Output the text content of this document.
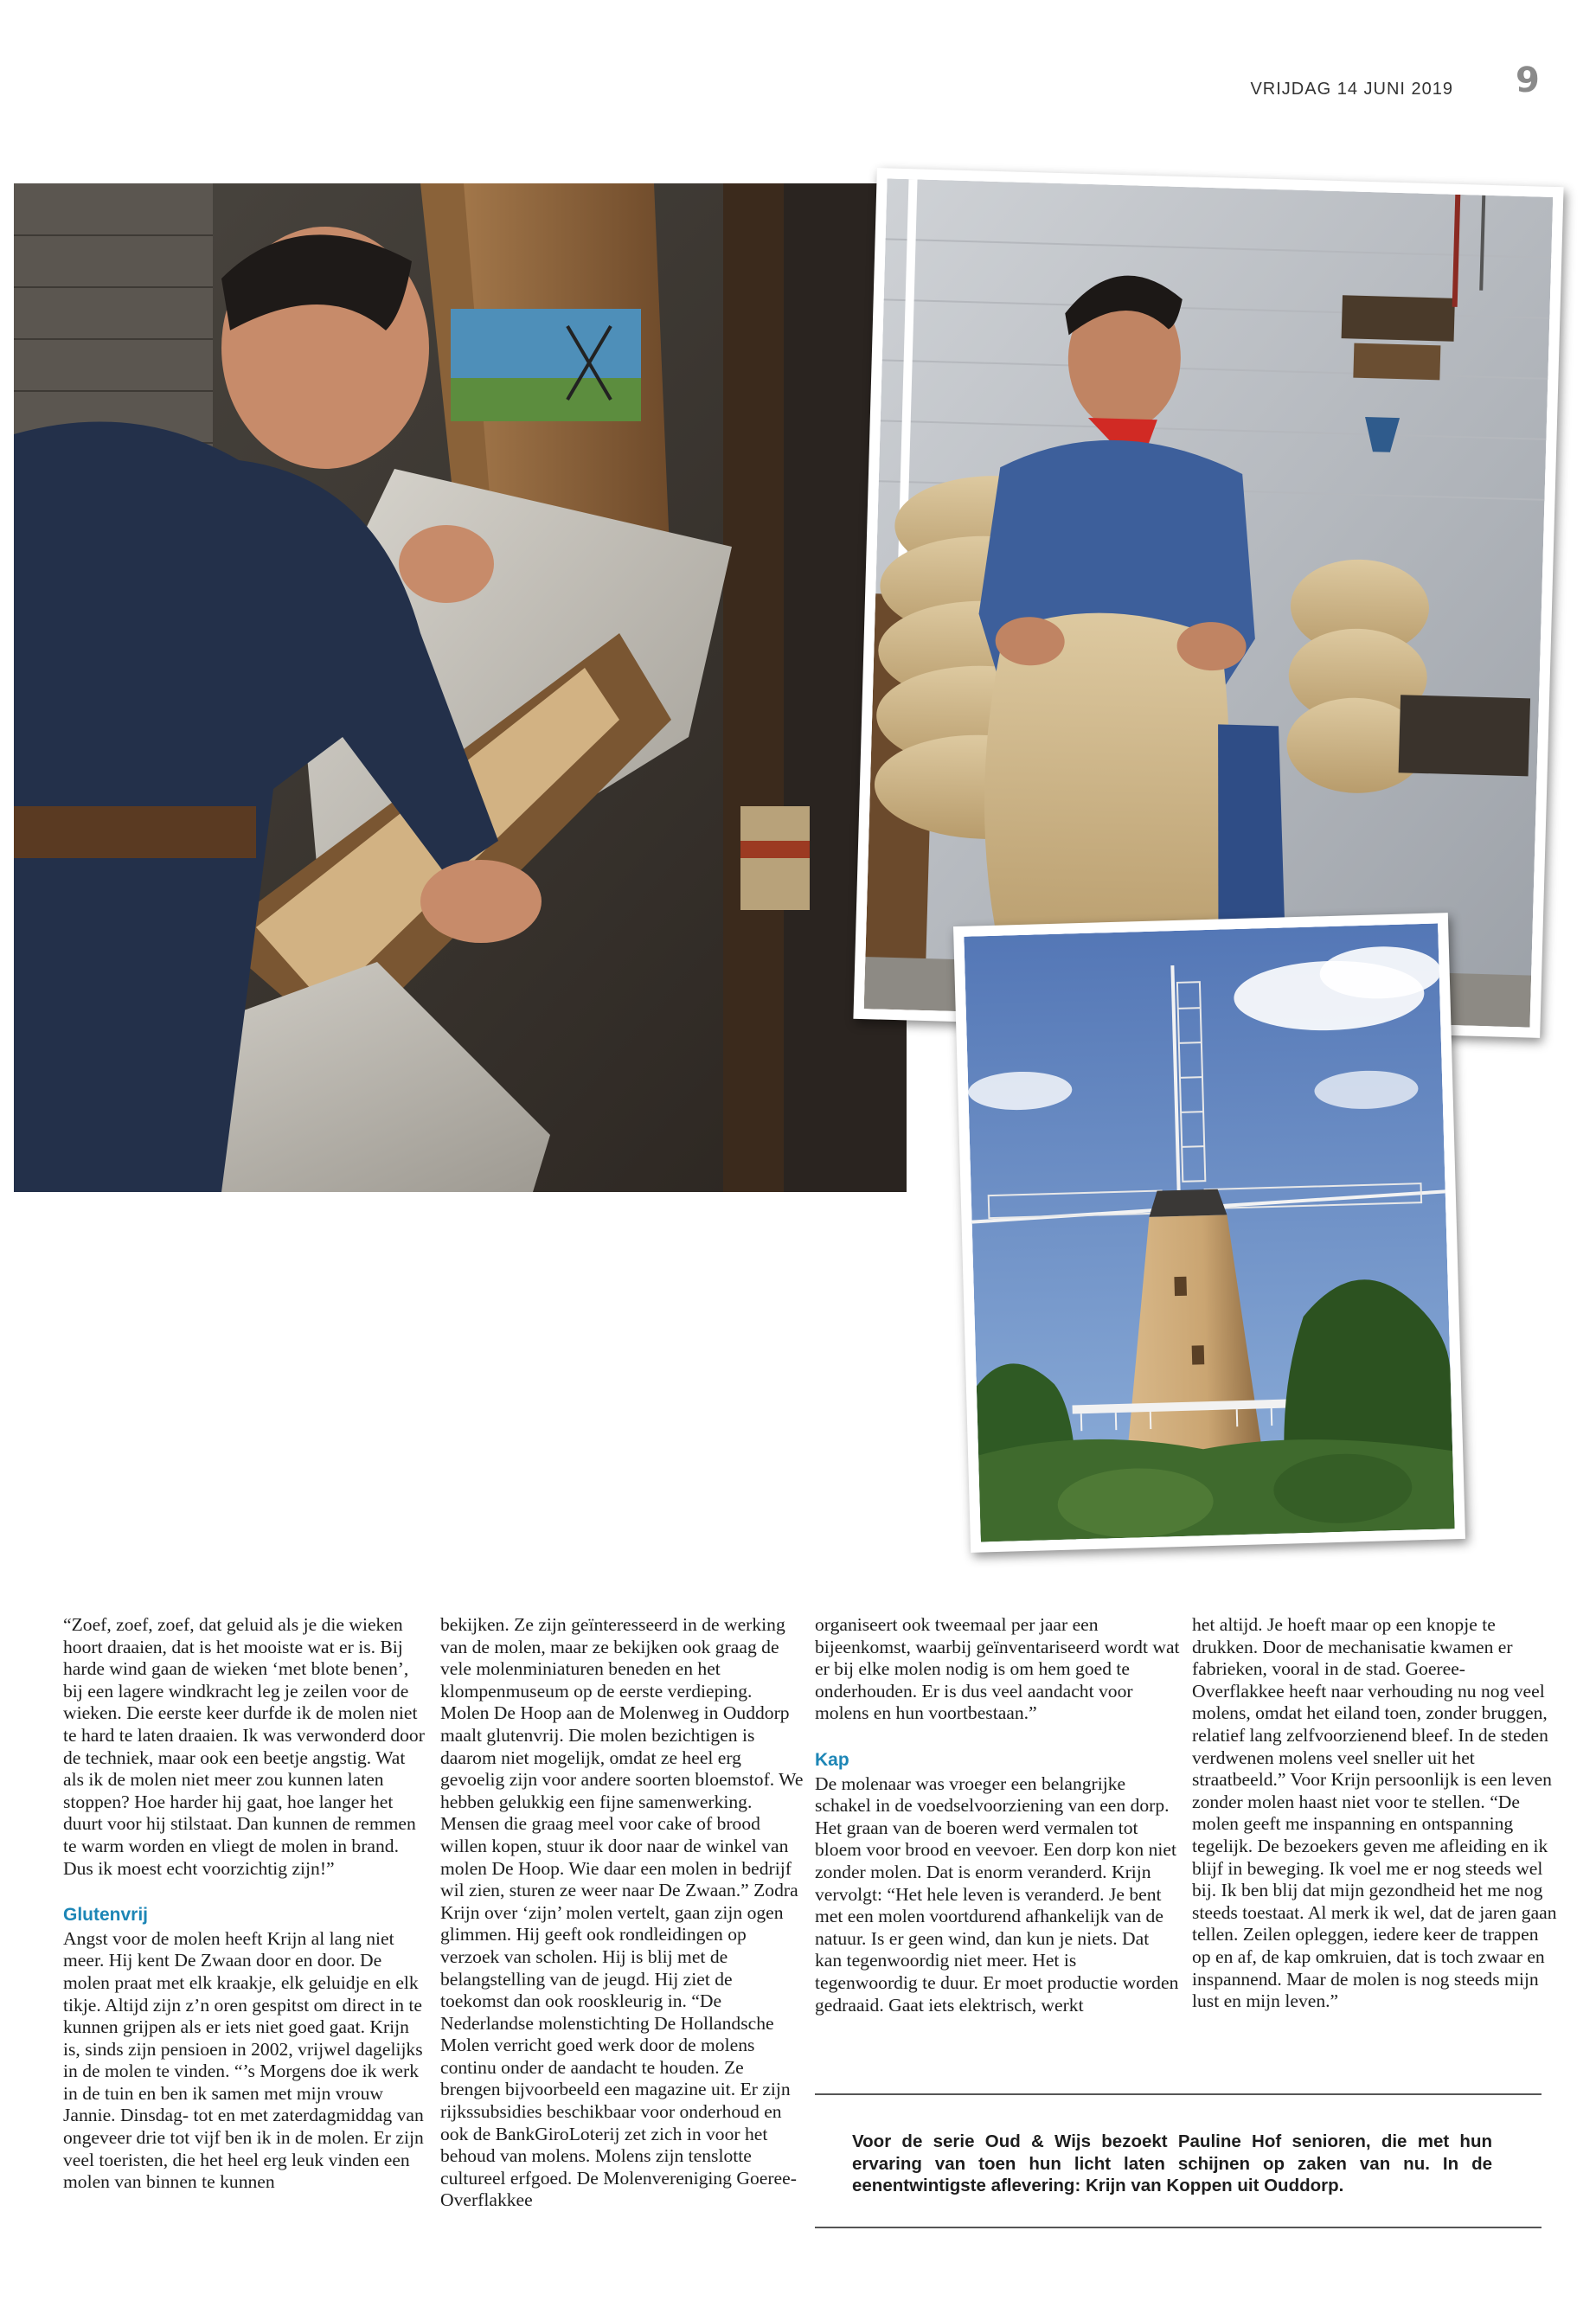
VRIJDAG 14 JUNI 2019 9

“Zoef, zoef, zoef, dat geluid als je die wieken hoort draaien, dat is het mooiste wat er is. Bij harde wind gaan de wieken ‘met blote benen’, bij een lagere windkracht leg je zeilen voor de wieken. Die eerste keer durfde ik de molen niet te hard te laten draaien. Ik was verwonderd door de techniek, maar ook een beetje angstig. Wat als ik de molen niet meer zou kunnen laten stoppen? Hoe harder hij gaat, hoe langer het duurt voor hij stilstaat. Dan kunnen de remmen te warm worden en vliegt de molen in brand. Dus ik moest echt voorzichtig zijn!”

Glutenvrij

Angst voor de molen heeft Krijn al lang niet meer. Hij kent De Zwaan door en door. De molen praat met elk kraakje, elk geluidje en elk tikje. Altijd zijn z’n oren gespitst om direct in te kunnen grijpen als er iets niet goed gaat. Krijn is, sinds zijn pensioen in 2002, vrijwel dagelijks in de molen te vinden. “’s Morgens doe ik werk in de tuin en ben ik samen met mijn vrouw Jannie. Dinsdag- tot en met zaterdagmiddag van ongeveer drie tot vijf ben ik in de molen. Er zijn veel toeristen, die het heel erg leuk vinden een molen van binnen te kunnen

bekijken. Ze zijn geïnteresseerd in de werking van de molen, maar ze bekijken ook graag de vele molenminiaturen beneden en het klompenmuseum op de eerste verdieping. Molen De Hoop aan de Molenweg in Ouddorp maalt glutenvrij. Die molen bezichtigen is daarom niet mogelijk, omdat ze heel erg gevoelig zijn voor andere soorten bloemstof. We hebben gelukkig een fijne samenwerking. Mensen die graag meel voor cake of brood willen kopen, stuur ik door naar de winkel van molen De Hoop. Wie daar een molen in bedrijf wil zien, sturen ze weer naar De Zwaan.” Zodra Krijn over ‘zijn’ molen vertelt, gaan zijn ogen glimmen. Hij geeft ook rondleidingen op verzoek van scholen. Hij is blij met de belangstelling van de jeugd. Hij ziet de toekomst dan ook rooskleurig in. “De Nederlandse molenstichting De Hollandsche Molen verricht goed werk door de molens continu onder de aandacht te houden. Ze brengen bijvoorbeeld een magazine uit. Er zijn rijkssubsidies beschikbaar voor onderhoud en ook de BankGiroLoterij zet zich in voor het behoud van molens. Molens zijn tenslotte cultureel erfgoed. De Molenvereniging Goeree-Overflakkee

organiseert ook tweemaal per jaar een bijeenkomst, waarbij geïnventariseerd wordt wat er bij elke molen nodig is om hem goed te onderhouden. Er is dus veel aandacht voor molens en hun voortbestaan.”

Kap

De molenaar was vroeger een belangrijke schakel in de voedselvoorziening van een dorp. Het graan van de boeren werd vermalen tot bloem voor brood en veevoer. Een dorp kon niet zonder molen. Dat is enorm veranderd. Krijn vervolgt: “Het hele leven is veranderd. Je bent met een molen voortdurend afhankelijk van de natuur. Is er geen wind, dan kun je niets. Dat kan tegenwoordig niet meer. Het is tegenwoordig te duur. Er moet productie worden gedraaid. Gaat iets elektrisch, werkt

het altijd. Je hoeft maar op een knopje te drukken. Door de mechanisatie kwamen er fabrieken, vooral in de stad. Goeree-Overflakkee heeft naar verhouding nu nog veel molens, omdat het eiland toen, zonder bruggen, relatief lang zelfvoorzienend bleef. In de steden verdwenen molens veel sneller uit het straatbeeld.” Voor Krijn persoonlijk is een leven zonder molen haast niet voor te stellen. “De molen geeft me inspanning en ontspanning tegelijk. De bezoekers geven me afleiding en ik blijf in beweging. Ik voel me er nog steeds wel bij. Ik ben blij dat mijn gezondheid het me nog steeds toestaat. Al merk ik wel, dat de jaren gaan tellen. Zeilen opleggen, iedere keer de trappen op en af, de kap omkruien, dat is toch zwaar en inspannend. Maar de molen is nog steeds mijn lust en mijn leven.”

Voor de serie Oud & Wijs bezoekt Pauline Hof senioren, die met hun ervaring van toen hun licht laten schijnen op zaken van nu. In de eenentwintigste aflevering: Krijn van Koppen uit Ouddorp.
